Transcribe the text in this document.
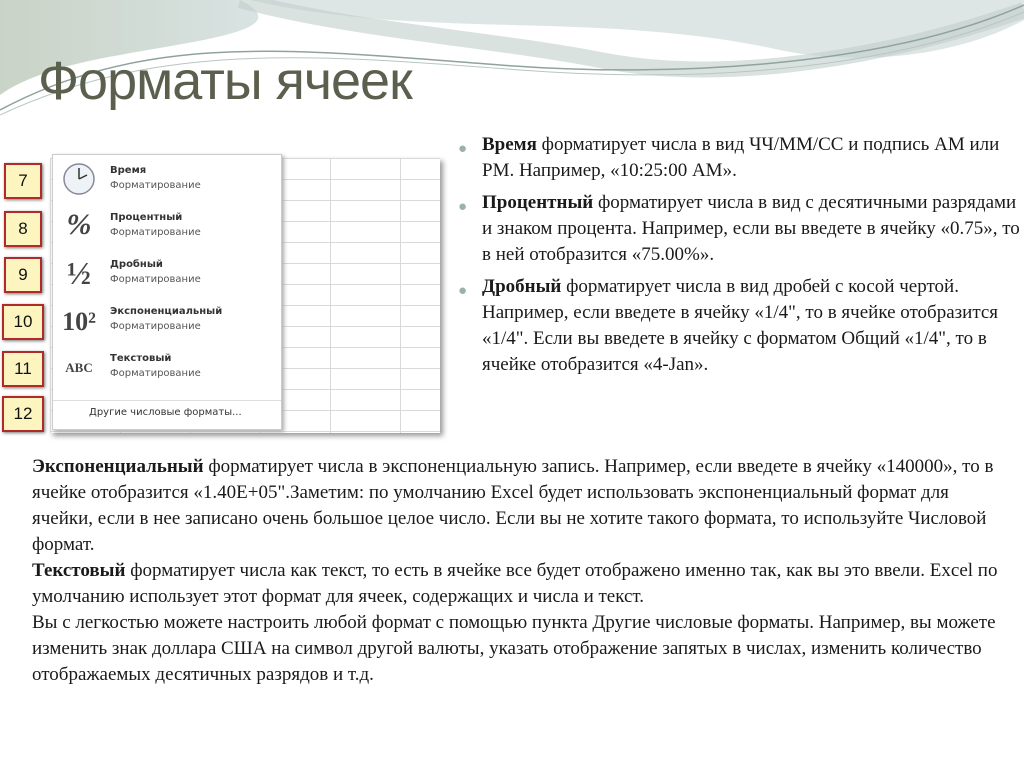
Форматы ячеек
Время
Форматирование
%	Процентный
Форматирование
½	Дробный
Форматирование
10²	Экспоненциальный
Форматирование
ABC
Текстовый
Форматирование
Другие числовые форматы...
7
8
9
10
11
12
● Время форматирует числа в вид ЧЧ/ММ/СС и подпись AM или PM. Например, «10:25:00 AM».
● Процентный форматирует числа в вид с десятичными разрядами и знаком процента. Например, если вы введете в ячейку «0.75», то в ней отобразится «75.00%».
● Дробный форматирует числа в вид дробей с косой чертой. Например, если введете в ячейку «1/4", то в ячейке отобразится «1/4". Если вы введете в ячейку с форматом Общий «1/4", то в ячейке отобразится «4-Jan».

Экспоненциальный форматирует числа в экспоненциальную запись. Например, если введете в ячейку «140000», то в ячейке отобразится «1.40E+05".Заметим: по умолчанию Excel будет использовать экспоненциальный формат для ячейки, если в нее записано очень большое целое число. Если вы не хотите такого формата, то используйте Числовой формат.

Текстовый форматирует числа как текст, то есть в ячейке все будет отображено именно так, как вы это ввели. Excel по умолчанию использует этот формат для ячеек, содержащих и числа и текст.

Вы с легкостью можете настроить любой формат с помощью пункта Другие числовые форматы. Например, вы можете изменить знак доллара США на символ другой валюты, указать отображение запятых в числах, изменить количество отображаемых десятичных разрядов и т.д.
